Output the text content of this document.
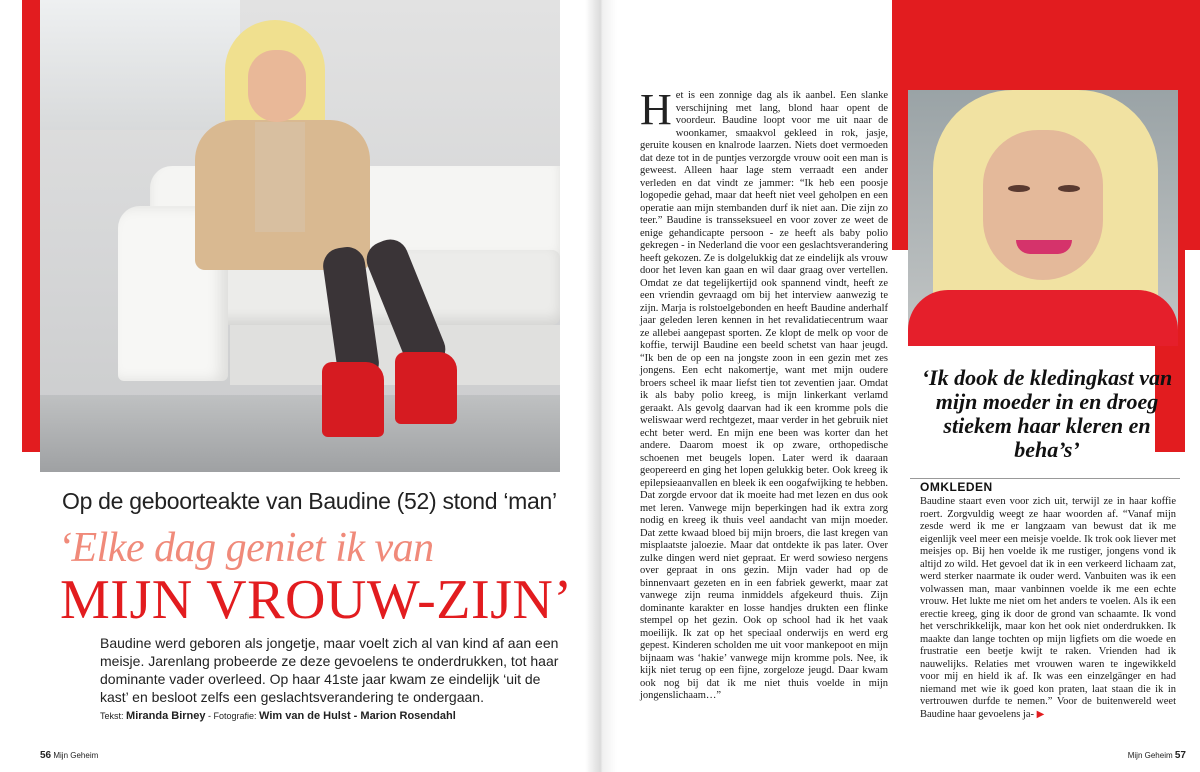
Op de geboorteakte van Baudine (52) stond ‘man’
‘Elke dag geniet ik van
MIJN VROUW-ZIJN’

Baudine werd geboren als jongetje, maar voelt zich al van kind af aan een meisje. Jarenlang probeerde ze deze gevoelens te onderdrukken, tot haar dominante vader overleed. Op haar 41ste jaar kwam ze eindelijk ‘uit de kast’ en besloot zelfs een geslachtsverandering te ondergaan.

Tekst: Miranda Birney - Fotografie: Wim van de Hulst - Marion Rosendahl
56 Mijn Geheim	Mijn Geheim 57

Het is een zonnige dag als ik aanbel. Een slanke verschijning met lang, blond haar opent de voordeur. Baudine loopt voor me uit naar de woonkamer, smaakvol gekleed in rok, jasje, geruite kousen en knalrode laarzen. Niets doet vermoeden dat deze tot in de puntjes verzorgde vrouw ooit een man is geweest. Alleen haar lage stem verraadt een ander verleden en dat vindt ze jammer: “Ik heb een poosje logopedie gehad, maar dat heeft niet veel geholpen en een operatie aan mijn stembanden durf ik niet aan. Die zijn zo teer.” Baudine is transseksueel en voor zover ze weet de enige gehandicapte persoon - ze heeft als baby polio gekregen - in Nederland die voor een geslachtsverandering heeft gekozen. Ze is dolgelukkig dat ze eindelijk als vrouw door het leven kan gaan en wil daar graag over vertellen. Omdat ze dat tegelijkertijd ook spannend vindt, heeft ze een vriendin gevraagd om bij het interview aanwezig te zijn. Marja is rolstoelgebonden en heeft Baudine anderhalf jaar geleden leren kennen in het revalidatiecentrum waar ze allebei aangepast sporten. Ze klopt de melk op voor de koffie, terwijl Baudine een beeld schetst van haar jeugd. “Ik ben de op een na jongste zoon in een gezin met zes jongens. Een echt nakomertje, want met mijn oudere broers scheel ik maar liefst tien tot zeventien jaar. Omdat ik als baby polio kreeg, is mijn linkerkant verlamd geraakt. Als gevolg daarvan had ik een kromme pols die weliswaar werd rechtgezet, maar verder in het gebruik niet echt beter werd. En mijn ene been was korter dan het andere. Daarom moest ik op zware, orthopedische schoenen met beugels lopen. Later werd ik daaraan geopereerd en ging het lopen gelukkig beter. Ook kreeg ik epilepsieaanvallen en bleek ik een oogafwijking te hebben. Dat zorgde ervoor dat ik moeite had met lezen en dus ook met leren. Vanwege mijn beperkingen had ik extra zorg nodig en kreeg ik thuis veel aandacht van mijn moeder. Dat zette kwaad bloed bij mijn broers, die last kregen van misplaatste jaloezie. Maar dat ontdekte ik pas later. Over zulke dingen werd niet gepraat. Er werd sowieso nergens over gepraat in ons gezin. Mijn vader had op de binnenvaart gezeten en in een fabriek gewerkt, maar zat vanwege zijn reuma inmiddels afgekeurd thuis. Zijn dominante karakter en losse handjes drukten een flinke stempel op het gezin. Ook op school had ik het vaak moeilijk. Ik zat op het speciaal onderwijs en werd erg gepest. Kinderen scholden me uit voor mankepoot en mijn bijnaam was ‘hakie’ vanwege mijn kromme pols. Nee, ik kijk niet terug op een fijne, zorgeloze jeugd. Daar kwam ook nog bij dat ik me niet thuis voelde in mijn jongenslichaam…”

‘Ik dook de kledingkast van mijn moeder in en droeg stiekem haar kleren en beha’s’

OMKLEDEN

Baudine staart even voor zich uit, terwijl ze in haar koffie roert. Zorgvuldig weegt ze haar woorden af. “Vanaf mijn zesde werd ik me er langzaam van bewust dat ik me eigenlijk veel meer een meisje voelde. Ik trok ook liever met meisjes op. Bij hen voelde ik me rustiger, jongens vond ik altijd zo wild. Het gevoel dat ik in een verkeerd lichaam zat, werd sterker naarmate ik ouder werd. Vanbuiten was ik een volwassen man, maar vanbinnen voelde ik me een echte vrouw. Het lukte me niet om het anders te voelen. Als ik een erectie kreeg, ging ik door de grond van schaamte. Ik vond het verschrikkelijk, maar kon het ook niet onderdrukken. Ik maakte dan lange tochten op mijn ligfiets om die woede en frustratie een beetje kwijt te raken. Vrienden had ik nauwelijks. Relaties met vrouwen waren te ingewikkeld voor mij en hield ik af. Ik was een einzelgänger en had niemand met wie ik goed kon praten, laat staan die ik in vertrouwen durfde te nemen.” Voor de buitenwereld weet Baudine haar gevoelens ja- ▶
